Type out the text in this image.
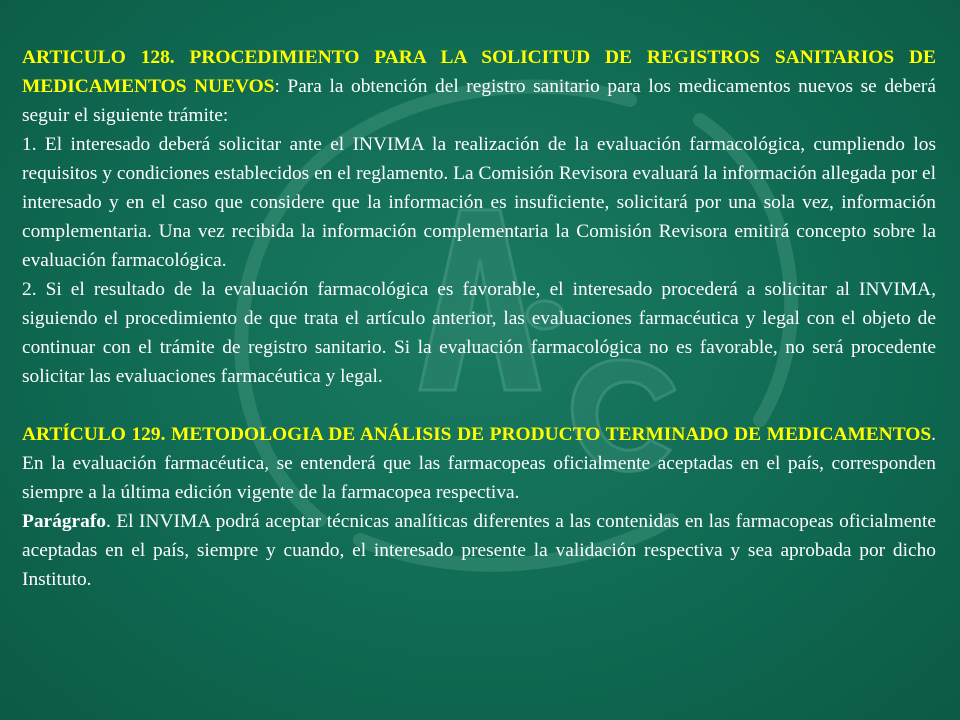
ARTICULO 128. PROCEDIMIENTO PARA LA SOLICITUD DE REGISTROS SANITARIOS DE MEDICAMENTOS NUEVOS: Para la obtención del registro sanitario para los medicamentos nuevos se deberá seguir el siguiente trámite:

1. El interesado deberá solicitar ante el INVIMA la realización de la evaluación farmacológica, cumpliendo los requisitos y condiciones establecidos en el reglamento. La Comisión Revisora evaluará la información allegada por el interesado y en el caso que considere que la información es insuficiente, solicitará por una sola vez, información complementaria. Una vez recibida la información complementaria la Comisión Revisora emitirá concepto sobre la evaluación farmacológica.

2. Si el resultado de la evaluación farmacológica es favorable, el interesado procederá a solicitar al INVIMA, siguiendo el procedimiento de que trata el artículo anterior, las evaluaciones farmacéutica y legal con el objeto de continuar con el trámite de registro sanitario. Si la evaluación farmacológica no es favorable, no será procedente solicitar las evaluaciones farmacéutica y legal.

ARTÍCULO 129. METODOLOGIA DE ANÁLISIS DE PRODUCTO TERMINADO DE MEDICAMENTOS. En la evaluación farmacéutica, se entenderá que las farmacopeas oficialmente aceptadas en el país, corresponden siempre a la última edición vigente de la farmacopea respectiva.

Parágrafo. El INVIMA podrá aceptar técnicas analíticas diferentes a las contenidas en las farmacopeas oficialmente aceptadas en el país, siempre y cuando, el interesado presente la validación respectiva y sea aprobada por dicho Instituto.
